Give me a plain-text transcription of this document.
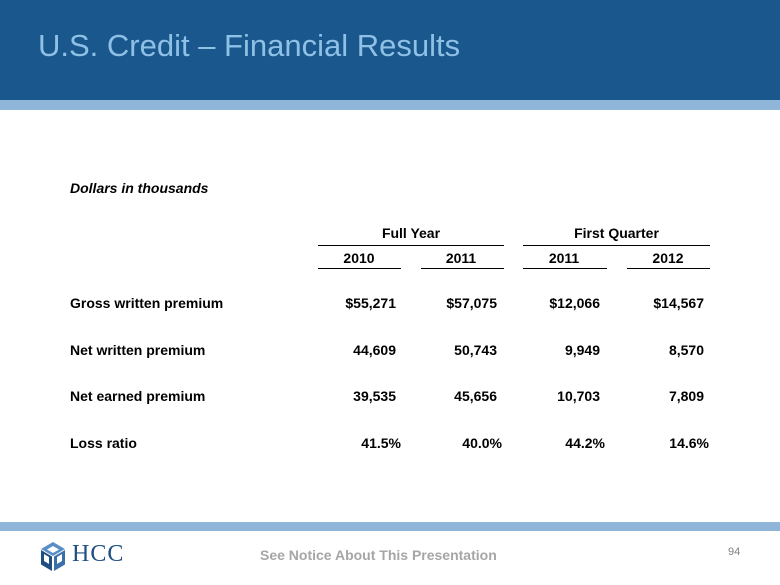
U.S. Credit – Financial Results
Dollars in thousands
Full Year	First Quarter
2010	2011	2011	2012
Gross written premium	$55,271	$57,075	$12,066	$14,567
Net written premium	44,609	50,743	9,949	8,570
Net earned premium	39,535	45,656	10,703	7,809
Loss ratio	41.5%	40.0%	44.2%	14.6%
HCC	See Notice About This Presentation	94
